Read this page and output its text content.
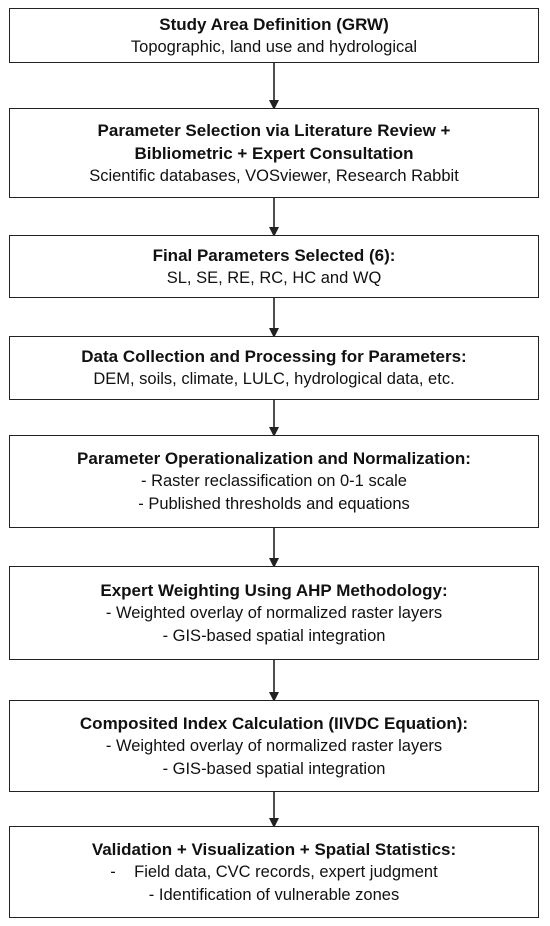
Study Area Definition (GRW)
Topographic, land use and hydrological
Parameter Selection via Literature Review +
Bibliometric + Expert Consultation
Scientific databases, VOSviewer, Research Rabbit
Final Parameters Selected (6):
SL, SE, RE, RC, HC and WQ
Data Collection and Processing for Parameters:
DEM, soils, climate, LULC, hydrological data, etc.
Parameter Operationalization and Normalization:
- Raster reclassification on 0-1 scale
- Published thresholds and equations
Expert Weighting Using AHP Methodology:
- Weighted overlay of normalized raster layers
- GIS-based spatial integration
Composited Index Calculation (IIVDC Equation):
- Weighted overlay of normalized raster layers
- GIS-based spatial integration
Validation + Visualization + Spatial Statistics:
-    Field data, CVC records, expert judgment
- Identification of vulnerable zones
